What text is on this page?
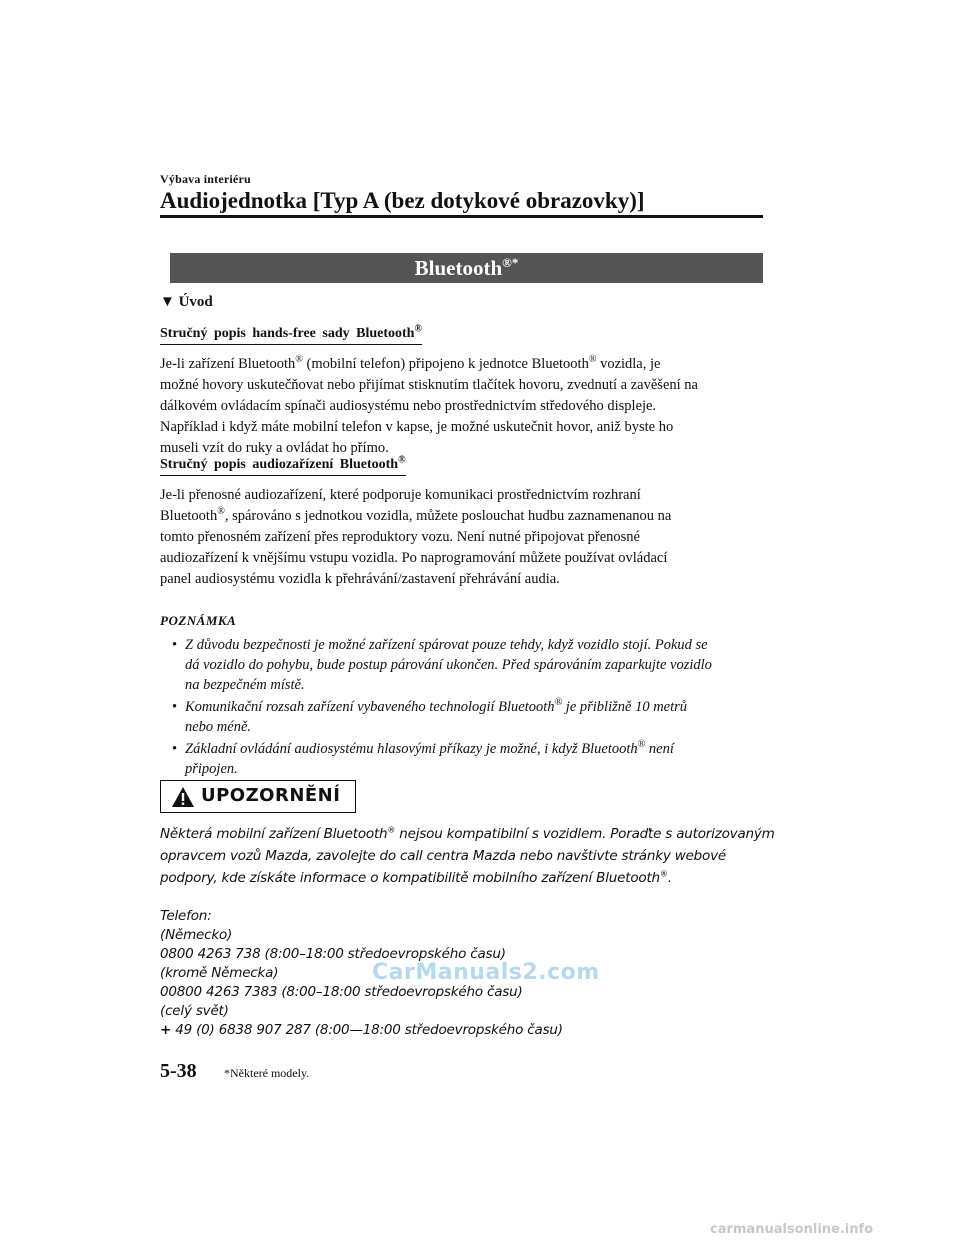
Výbava interiéru
Audiojednotka [Typ A (bez dotykové obrazovky)]
Bluetooth®*
▼ Úvod
Stručný popis hands-free sady Bluetooth®

Je-li zařízení Bluetooth® (mobilní telefon) připojeno k jednotce Bluetooth® vozidla, je

možné hovory uskutečňovat nebo přijímat stisknutím tlačítek hovoru, zvednutí a zavěšení na

dálkovém ovládacím spínači audiosystému nebo prostřednictvím středového displeje.

Například i když máte mobilní telefon v kapse, je možné uskutečnit hovor, aniž byste ho

museli vzít do ruky a ovládat ho přímo.

Stručný popis audiozařízení Bluetooth®

Je-li přenosné audiozařízení, které podporuje komunikaci prostřednictvím rozhraní

Bluetooth®, spárováno s jednotkou vozidla, můžete poslouchat hudbu zaznamenanou na

tomto přenosném zařízení přes reproduktory vozu. Není nutné připojovat přenosné

audiozařízení k vnějšímu vstupu vozidla. Po naprogramování můžete používat ovládací

panel audiosystému vozidla k přehrávání/zastavení přehrávání audia.

POZNÁMKA
• Z důvodu bezpečnosti je možné zařízení spárovat pouze tehdy, když vozidlo stojí. Pokud se
dá vozidlo do pohybu, bude postup párování ukončen. Před spárováním zaparkujte vozidlo
na bezpečném místě.
• Komunikační rozsah zařízení vybaveného technologií Bluetooth® je přibližně 10 metrů
nebo méně.
• Základní ovládání audiosystému hlasovými příkazy je možné, i když Bluetooth® není
připojen.
UPOZORNĚNÍ
Některá mobilní zařízení Bluetooth® nejsou kompatibilní s vozidlem. Poraďte s autorizovaným
opravcem vozů Mazda, zavolejte do call centra Mazda nebo navštivte stránky webové
podpory, kde získáte informace o kompatibilitě mobilního zařízení Bluetooth®.
Telefon:
(Německo)
0800 4263 738 (8:00–18:00 středoevropského času)
(kromě Německa)
00800 4263 7383 (8:00–18:00 středoevropského času)
(celý svět)
+ 49 (0) 6838 907 287 (8:00—18:00 středoevropského času)
CarManuals2.com
5-38 *Některé modely.
carmanualsonline.info
